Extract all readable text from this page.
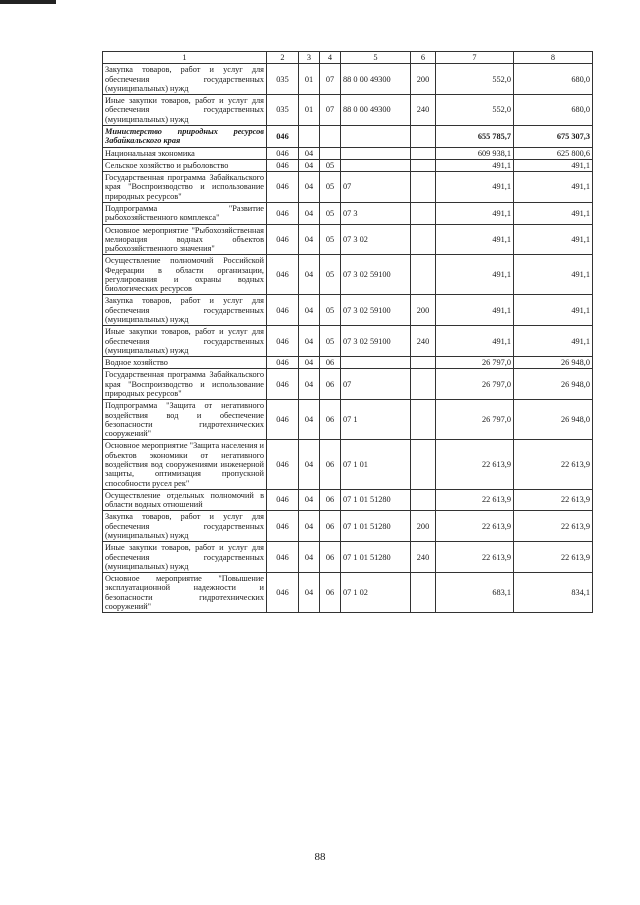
1	2	3	4	5	6	7	8
Закупка товаров, работ и услуг для обеспечения государственных (муниципальных) нужд	035	01	07	88 0 00 49300	200	552,0	680,0
Иные закупки товаров, работ и услуг для обеспечения государственных (муниципальных) нужд	035	01	07	88 0 00 49300	240	552,0	680,0
Министерство природных ресурсов Забайкальского края	046					655 785,7	675 307,3
Национальная экономика	046	04				609 938,1	625 800,6
Сельское хозяйство и рыболовство	046	04	05			491,1	491,1
Государственная программа Забайкальского края "Воспроизводство и использование природных ресурсов"	046	04	05	07		491,1	491,1
Подпрограмма "Развитие рыбохозяйственного комплекса"	046	04	05	07 3		491,1	491,1
Основное мероприятие "Рыбохозяйственная мелиорация водных объектов рыбохозяйственного значения"	046	04	05	07 3 02		491,1	491,1
Осуществление полномочий Российской Федерации в области организации, регулирования и охраны водных биологических ресурсов	046	04	05	07 3 02 59100		491,1	491,1
Закупка товаров, работ и услуг для обеспечения государственных (муниципальных) нужд	046	04	05	07 3 02 59100	200	491,1	491,1
Иные закупки товаров, работ и услуг для обеспечения государственных (муниципальных) нужд	046	04	05	07 3 02 59100	240	491,1	491,1
Водное хозяйство	046	04	06			26 797,0	26 948,0
Государственная программа Забайкальского края "Воспроизводство и использование природных ресурсов"	046	04	06	07		26 797,0	26 948,0
Подпрограмма "Защита от негативного воздействия вод и обеспечение безопасности гидротехнических сооружений"	046	04	06	07 1		26 797,0	26 948,0
Основное мероприятие "Защита населения и объектов экономики от негативного воздействия вод сооружениями инженерной защиты, оптимизация пропускной способности русел рек"	046	04	06	07 1 01		22 613,9	22 613,9
Осуществление отдельных полномочий в области водных отношений	046	04	06	07 1 01 51280		22 613,9	22 613,9
Закупка товаров, работ и услуг для обеспечения государственных (муниципальных) нужд	046	04	06	07 1 01 51280	200	22 613,9	22 613,9
Иные закупки товаров, работ и услуг для обеспечения государственных (муниципальных) нужд	046	04	06	07 1 01 51280	240	22 613,9	22 613,9
Основное мероприятие "Повышение эксплуатационной надежности и безопасности гидротехнических сооружений"	046	04	06	07 1 02		683,1	834,1
88
